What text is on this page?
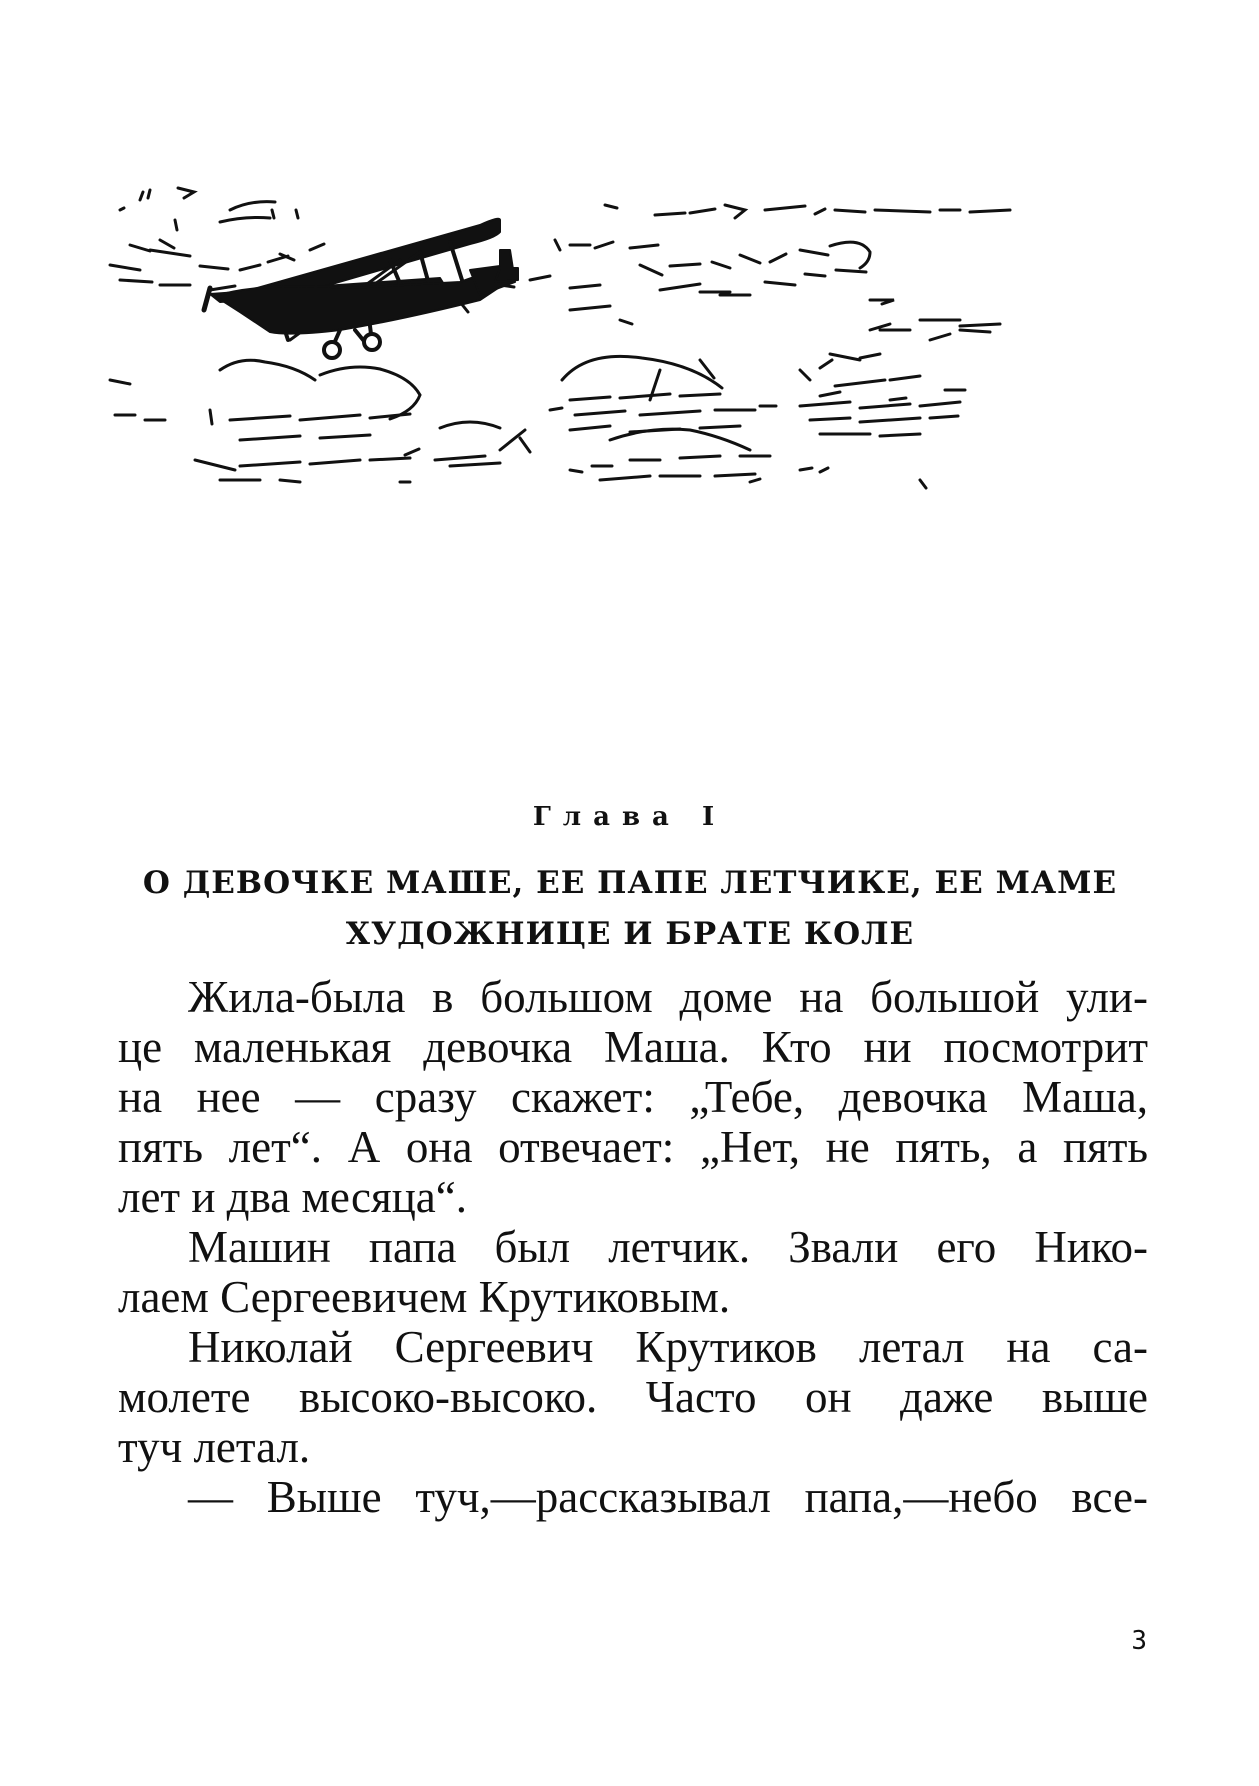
Глава I
О ДЕВОЧКЕ МАШЕ, ЕЕ ПАПЕ ЛЕТЧИКЕ, ЕЕ МАМЕ
ХУДОЖНИЦЕ И БРАТЕ КОЛЕ
Жила-была в большом доме на большой ули-
це маленькая девочка Маша. Кто ни посмотрит
на нее — сразу скажет: „Тебе, девочка Маша,
пять лет“. А она отвечает: „Нет, не пять, а пять
лет и два месяца“.
Машин папа был летчик. Звали его Нико-
лаем Сергеевичем Крутиковым.
Николай Сергеевич Крутиков летал на са-
молете высоко-высоко. Часто он даже выше
туч летал.
— Выше туч,—рассказывал папа,—небо все-
3
